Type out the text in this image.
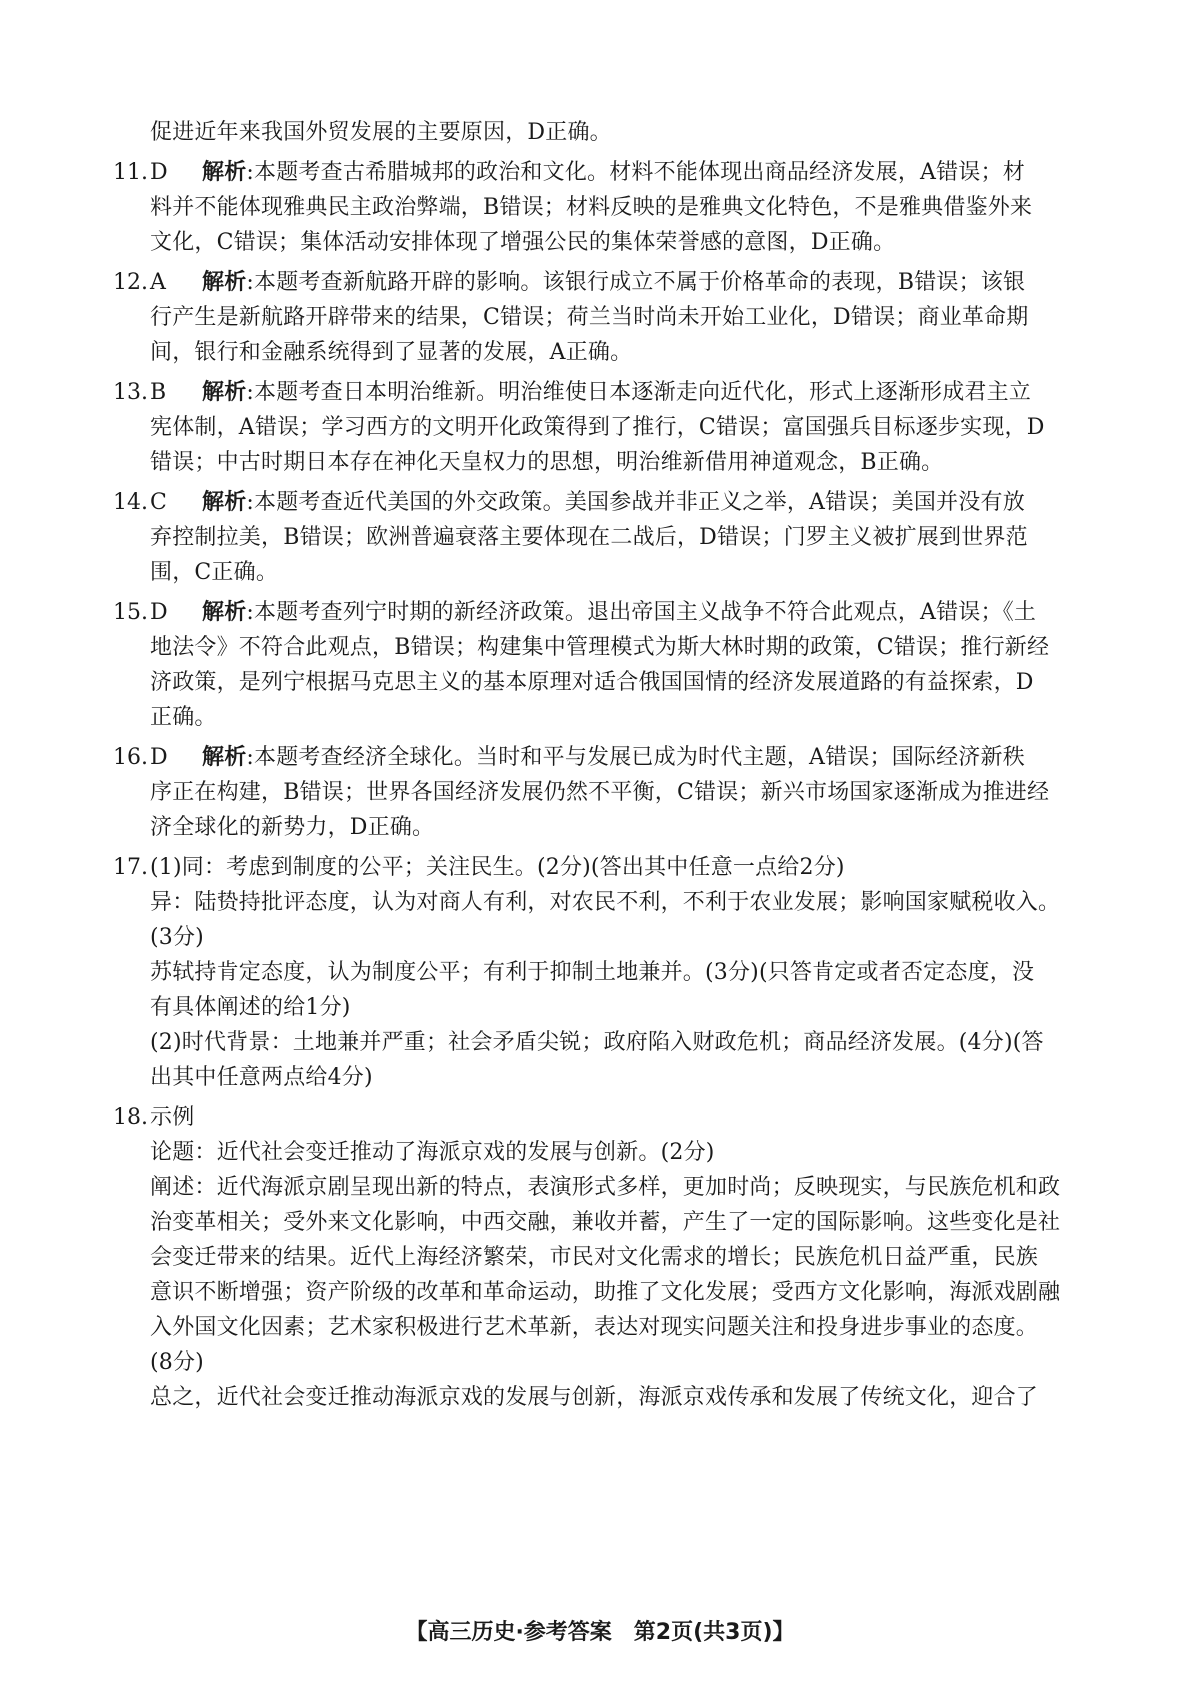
促进近年来我国外贸发展的主要原因，D正确。
11. D 解析:本题考查古希腊城邦的政治和文化。材料不能体现出商品经济发展，A错误；材
料并不能体现雅典民主政治弊端，B错误；材料反映的是雅典文化特色，不是雅典借鉴外来
文化，C错误；集体活动安排体现了增强公民的集体荣誉感的意图，D正确。
12. A 解析:本题考查新航路开辟的影响。该银行成立不属于价格革命的表现，B错误；该银
行产生是新航路开辟带来的结果，C错误；荷兰当时尚未开始工业化，D错误；商业革命期
间，银行和金融系统得到了显著的发展，A正确。
13. B 解析:本题考查日本明治维新。明治维使日本逐渐走向近代化，形式上逐渐形成君主立
宪体制，A错误；学习西方的文明开化政策得到了推行，C错误；富国强兵目标逐步实现，D
错误；中古时期日本存在神化天皇权力的思想，明治维新借用神道观念，B正确。
14. C 解析:本题考查近代美国的外交政策。美国参战并非正义之举，A错误；美国并没有放
弃控制拉美，B错误；欧洲普遍衰落主要体现在二战后，D错误；门罗主义被扩展到世界范
围，C正确。
15. D 解析:本题考查列宁时期的新经济政策。退出帝国主义战争不符合此观点，A错误；《土
地法令》不符合此观点，B错误；构建集中管理模式为斯大林时期的政策，C错误；推行新经
济政策，是列宁根据马克思主义的基本原理对适合俄国国情的经济发展道路的有益探索，D
正确。
16. D 解析:本题考查经济全球化。当时和平与发展已成为时代主题，A错误；国际经济新秩
序正在构建，B错误；世界各国经济发展仍然不平衡，C错误；新兴市场国家逐渐成为推进经
济全球化的新势力，D正确。
17. (1)同：考虑到制度的公平；关注民生。(2分)(答出其中任意一点给2分)
异：陆贽持批评态度，认为对商人有利，对农民不利，不利于农业发展；影响国家赋税收入。
(3分)
苏轼持肯定态度，认为制度公平；有利于抑制土地兼并。(3分)(只答肯定或者否定态度，没
有具体阐述的给1分)
(2)时代背景：土地兼并严重；社会矛盾尖锐；政府陷入财政危机；商品经济发展。(4分)(答
出其中任意两点给4分)
18. 示例
论题：近代社会变迁推动了海派京戏的发展与创新。(2分)
阐述：近代海派京剧呈现出新的特点，表演形式多样，更加时尚；反映现实，与民族危机和政
治变革相关；受外来文化影响，中西交融，兼收并蓄，产生了一定的国际影响。这些变化是社
会变迁带来的结果。近代上海经济繁荣，市民对文化需求的增长；民族危机日益严重，民族
意识不断增强；资产阶级的改革和革命运动，助推了文化发展；受西方文化影响，海派戏剧融
入外国文化因素；艺术家积极进行艺术革新，表达对现实问题关注和投身进步事业的态度。
(8分)
总之，近代社会变迁推动海派京戏的发展与创新，海派京戏传承和发展了传统文化，迎合了
【高三历史·参考答案　第2页(共3页)】
